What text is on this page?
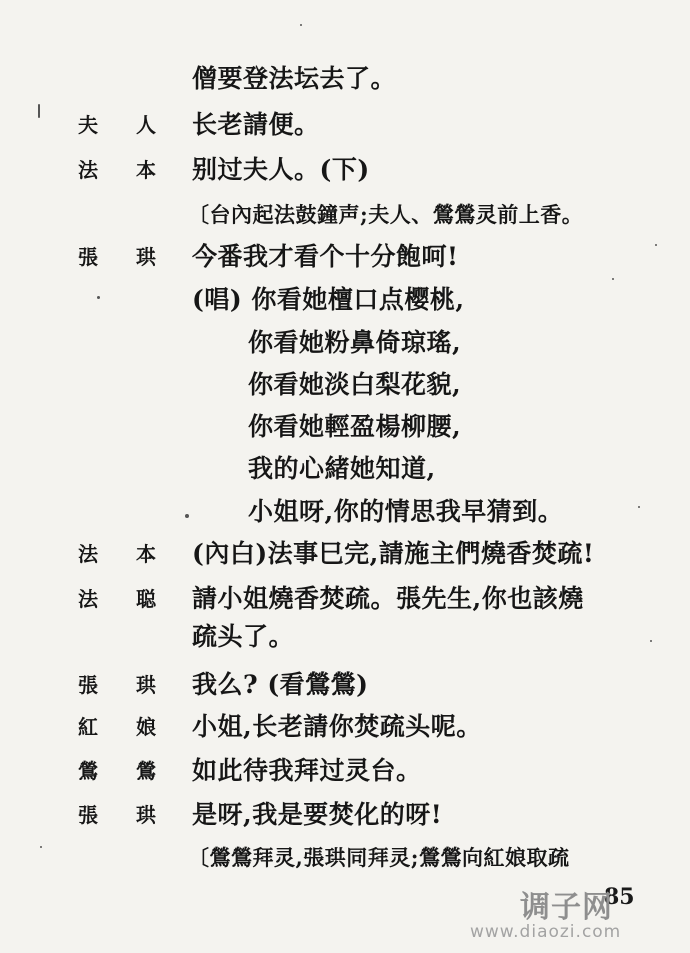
僧要登法坛去了。
夫 人 长老請便。
法 本 别过夫人。(下)
〔台內起法鼓鐘声;夫人、鶯鶯灵前上香。
張 珙 今番我才看个十分飽呵!
(唱) 你看她檀口点樱桃,
你看她粉鼻倚琼瑤,
你看她淡白梨花貌,
你看她輕盈楊柳腰,
我的心緒她知道,
小姐呀,你的情思我早猜到。
法 本 (內白)法事巳完,請施主們燒香焚疏!
法 聪 請小姐燒香焚疏。張先生,你也該燒
疏头了。
張 珙 我么? (看鶯鶯)
紅 娘 小姐,长老請你焚疏头呢。
鶯 鶯 如此待我拜过灵台。
張 珙 是呀,我是要焚化的呀!
〔鶯鶯拜灵,張珙同拜灵;鶯鶯向紅娘取疏
85
调子网
www.diaozi.com
